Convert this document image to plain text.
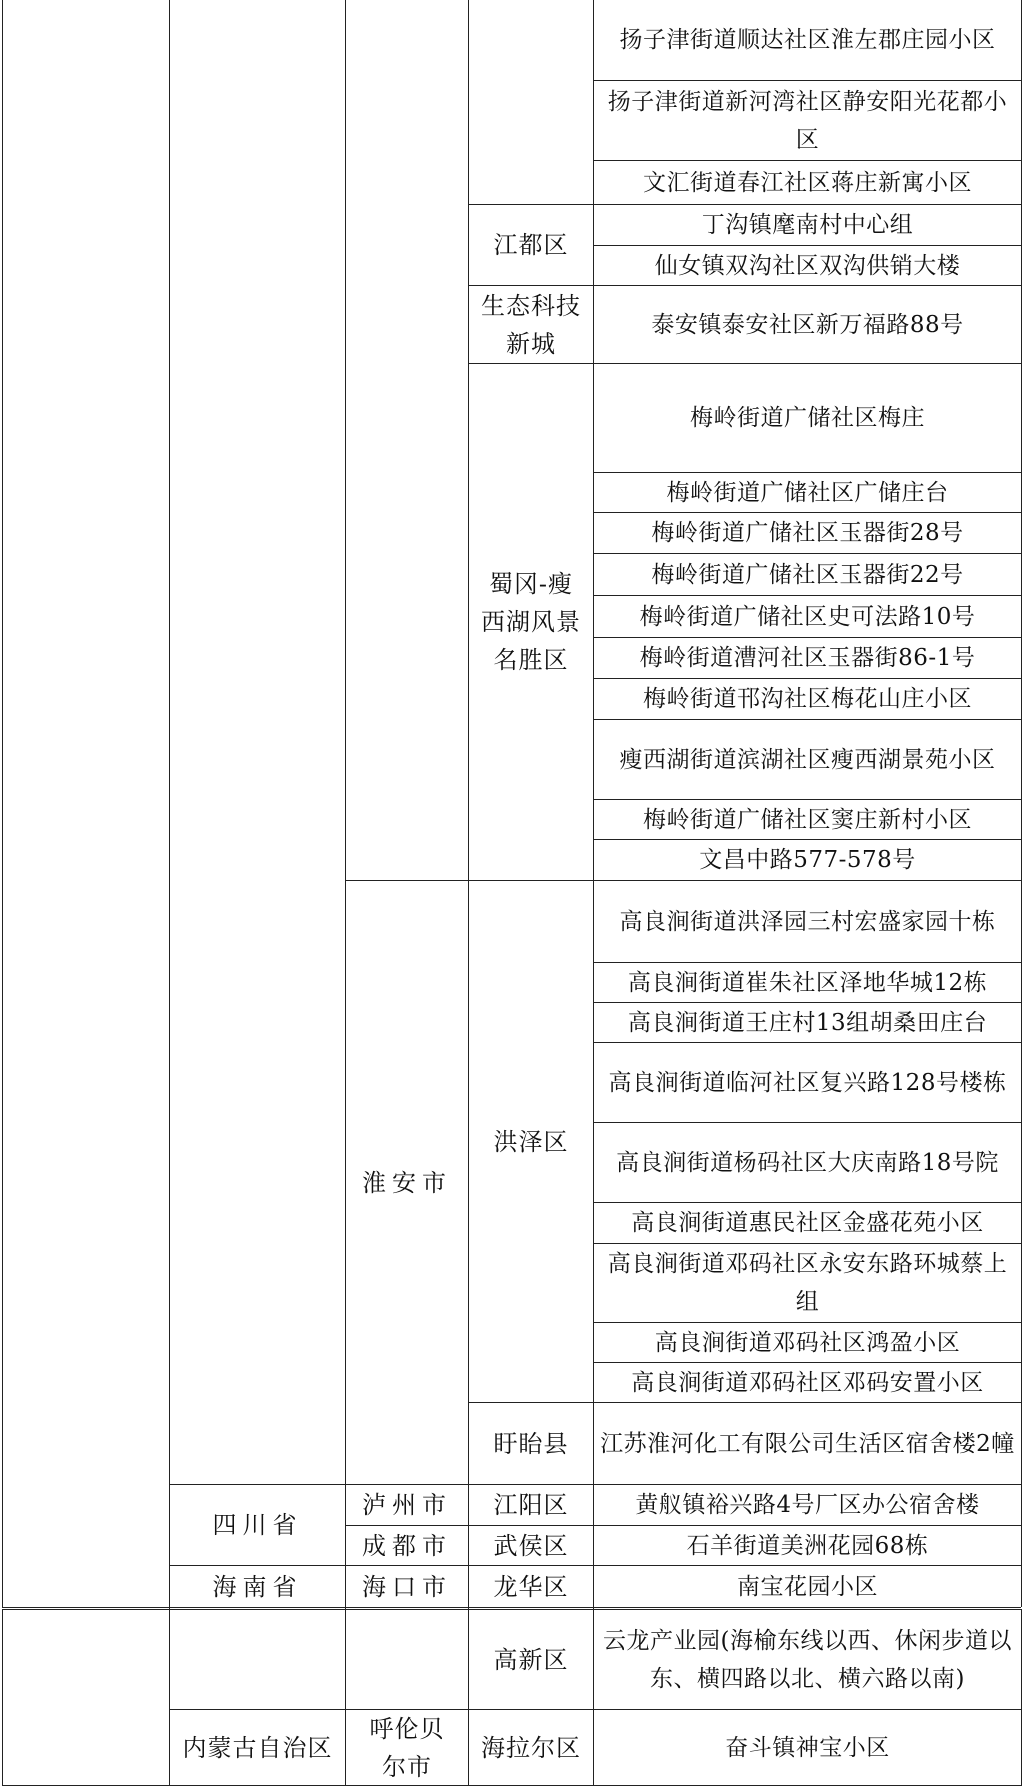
四川省
海南省
内蒙古自治区
淮安市
泸州市
成都市
海口市
呼伦贝尔市
江都区
生态科技新城
蜀冈-瘦西湖风景名胜区
洪泽区
盱眙县
江阳区
武侯区
龙华区
高新区
海拉尔区
扬子津街道顺达社区淮左郡庄园小区
扬子津街道新河湾社区静安阳光花都小区
文汇街道春江社区蒋庄新寓小区
丁沟镇麾南村中心组
仙女镇双沟社区双沟供销大楼
泰安镇泰安社区新万福路88号
梅岭街道广储社区梅庄
梅岭街道广储社区广储庄台
梅岭街道广储社区玉器街28号
梅岭街道广储社区玉器街22号
梅岭街道广储社区史可法路10号
梅岭街道漕河社区玉器街86-1号
梅岭街道邗沟社区梅花山庄小区
瘦西湖街道滨湖社区瘦西湖景苑小区
梅岭街道广储社区窦庄新村小区
文昌中路577-578号
高良涧街道洪泽园三村宏盛家园十栋
高良涧街道崔朱社区泽地华城12栋
高良涧街道王庄村13组胡桑田庄台
高良涧街道临河社区复兴路128号楼栋
高良涧街道杨码社区大庆南路18号院
高良涧街道惠民社区金盛花苑小区
高良涧街道邓码社区永安东路环城蔡上组
高良涧街道邓码社区鸿盈小区
高良涧街道邓码社区邓码安置小区
江苏淮河化工有限公司生活区宿舍楼2幢
黄舣镇裕兴路4号厂区办公宿舍楼
石羊街道美洲花园68栋
南宝花园小区
云龙产业园(海榆东线以西、休闲步道以东、横四路以北、横六路以南)
奋斗镇神宝小区
